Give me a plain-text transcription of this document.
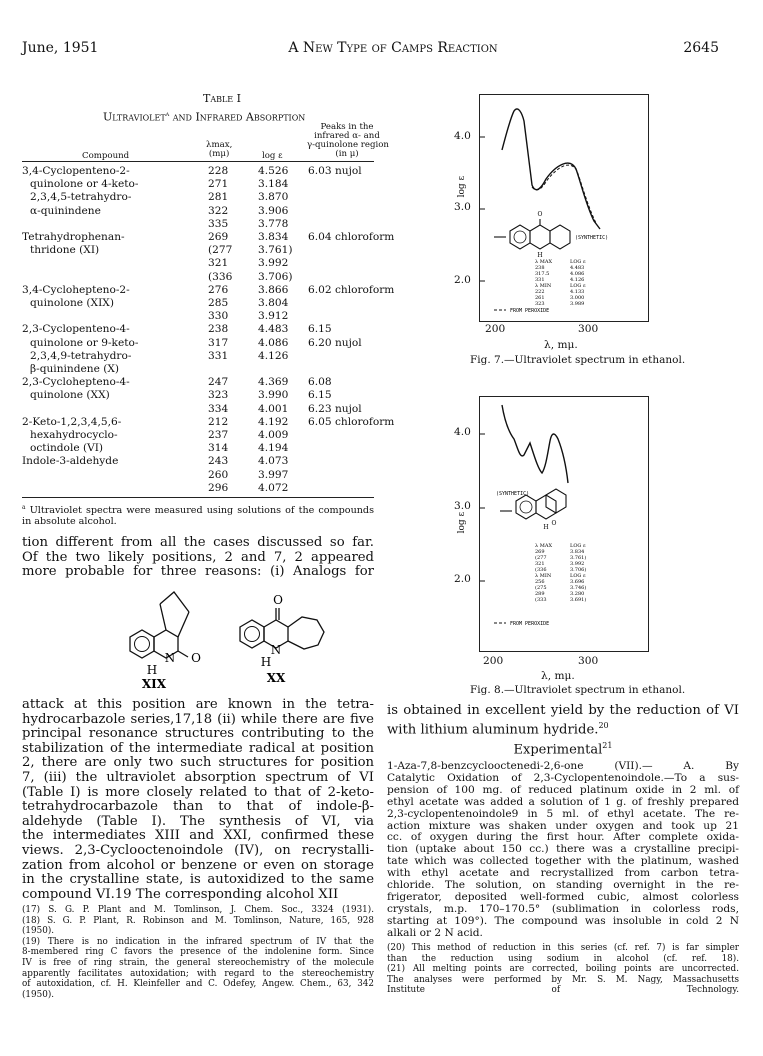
June, 1951	A New Type of Camps Reaction	2645
Table I
Ultraviolet$^a$ and Infrared Absorption
Peaks in the
infrared α- and
γ-quinolone region
(in μ)
λmax,
(mμ)	log ε
Compound
3,4-Cyclopenteno-2-	228	4.526 6.03 nujol
quinolone or 4-keto-	271	3.184
2,3,4,5-tetrahydro-	281	3.870
α-quinindene	322	3.906
335	3.778
Tetrahydrophenan-	269	3.834 6.04 chloroform
thridone (XI)	(277 3.761)
321	3.992
(336 3.706)
3,4-Cyclohepteno-2-	276	3.866 6.02 chloroform
quinolone (XIX)	285	3.804
330	3.912
2,3-Cyclopenteno-4-	238	4.483 6.15
quinolone or 9-keto-	317	4.086 6.20 nujol
2,3,4,9-tetrahydro-	331	4.126
β-quinindene (X)
2,3-Cyclohepteno-4-	247	4.369 6.08
quinolone (XX)	323	3.990 6.15
334	4.001 6.23 nujol
2-Keto-1,2,3,4,5,6-	212	4.192 6.05 chloroform
hexahydrocyclo-	237	4.009
octindole (VI)	314	4.194
Indole-3-aldehyde	243	4.073
260	3.997
296	4.072
$^a$ Ultraviolet spectra were measured using solutions of the compounds in absolute alcohol.
tion different from all the cases discussed so far.
Of the two likely positions, 2 and 7, 2 appeared
more probable for three reasons: (i) Analogs for
N
H
O
XIX
O
N
H
XX
attack at this position are known in the tetra-
hydrocarbazole series,17,18 (ii) while there are five
principal resonance structures contributing to the
stabilization of the intermediate radical at position
2, there are only two such structures for position
7, (iii) the ultraviolet absorption spectrum of VI
(Table I) is more closely related to that of 2-keto-
tetrahydrocarbazole than to that of indole-β-
aldehyde (Table I). The synthesis of VI, via
the intermediates XIII and XXI, confirmed these
views. 2,3-Cyclooctenoindole (IV), on recrystalli-
zation from alcohol or benzene or even on storage
in the crystalline state, is autoxidized to the same
compound VI.19 The corresponding alcohol XII
(17) S. G. P. Plant and M. Tomlinson, J. Chem. Soc., 3324 (1931).
(18) S. G. P. Plant, R. Robinson and M. Tomlinson, Nature, 165, 928
(1950).
(19) There is no indication in the infrared spectrum of IV that the
8-membered ring C favors the presence of the indolenine form. Since
IV is free of ring strain, the general stereochemistry of the molecule
apparently facilitates autoxidation; with regard to the stereochemistry
of autoxidation, cf. H. Kleinfeller and C. Odefey, Angew. Chem., 63, 342
(1950).
O
H
(SYNTHETIC)
λ MAX	LOG ε
238	4.483
317.5	4.086
331	4.126
λ MIN	LOG ε
222	4.133
261	3.000
323	3.989
FROM PEROXIDE
4.0
3.0
2.0
log ε
200	300
λ, mμ.
Fig. 7.—Ultraviolet spectrum in ethanol.
O
H
(SYNTHETIC)
λ MAX	LOG ε
269	3.834
(277	3.761)
321	3.992
(336	3.706)
λ MIN	LOG ε
256	3.696
(275	3.746)
289	3.280
(333	3.691)
FROM PEROXIDE
4.0
3.0
2.0
log ε
200	300
λ, mμ.
Fig. 8.—Ultraviolet spectrum in ethanol.
is obtained in excellent yield by the reduction of VI
with lithium aluminum hydride.$^{20}$
Experimental$^{21}$
1-Aza-7,8-benzcyclooctenedi-2,6-one (VII).— A. By
Catalytic Oxidation of 2,3-Cyclopentenoindole.—To a sus-
pension of 100 mg. of reduced platinum oxide in 2 ml. of
ethyl acetate was added a solution of 1 g. of freshly prepared
2,3-cyclopentenoindole9 in 5 ml. of ethyl acetate. The re-
action mixture was shaken under oxygen and took up 21
cc. of oxygen during the first hour. After complete oxida-
tion (uptake about 150 cc.) there was a crystalline precipi-
tate which was collected together with the platinum, washed
with ethyl acetate and recrystallized from carbon tetra-
chloride. The solution, on standing overnight in the re-
frigerator, deposited well-formed cubic, almost colorless
crystals, m.p. 170–170.5° (sublimation in colorless rods,
starting at 109°). The compound was insoluble in cold 2 N
alkali or 2 N acid.
(20) This method of reduction in this series (cf. ref. 7) is far simpler
than the reduction using sodium in alcohol (cf. ref. 18).
(21) All melting points are corrected, boiling points are uncorrected.
The analyses were performed by Mr. S. M. Nagy, Massachusetts
Institute of Technology.
